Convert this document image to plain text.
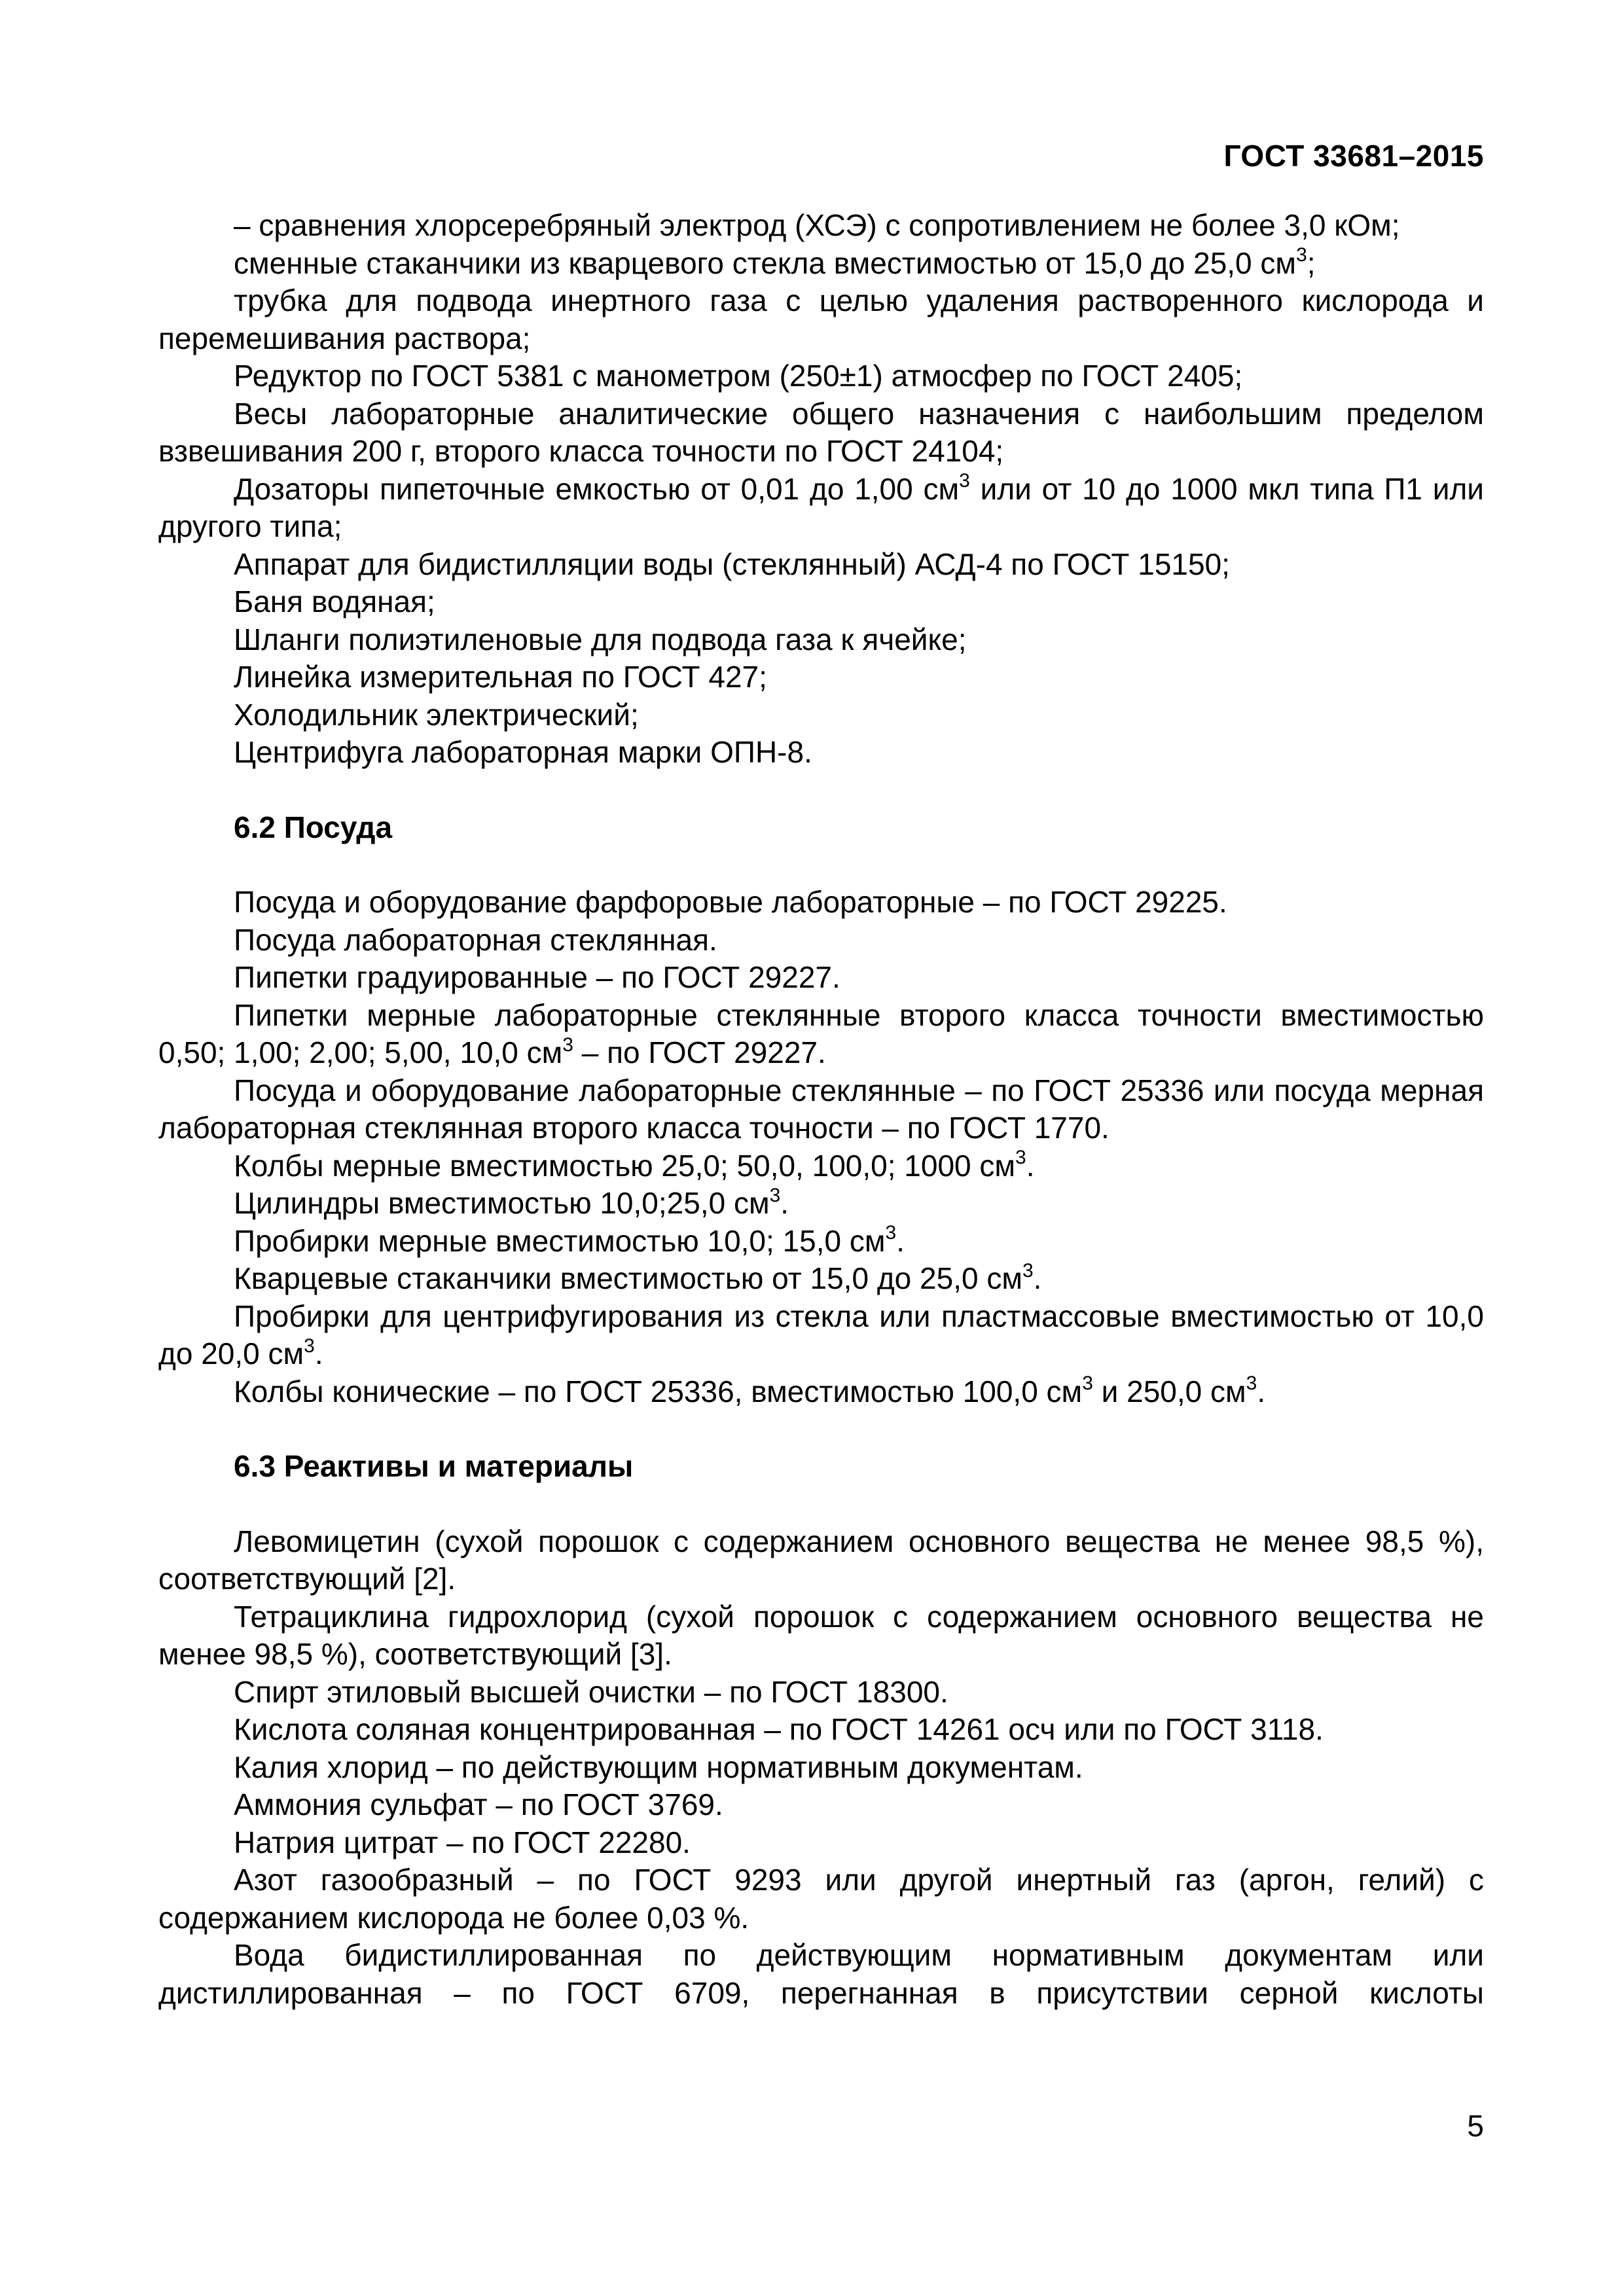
ГОСТ 33681–2015

– сравнения хлорсеребряный электрод (ХСЭ) с сопротивлением не более 3,0 кОм;

сменные стаканчики из кварцевого стекла вместимостью от 15,0 до 25,0 $см^3$;

трубка для подвода инертного газа с целью удаления растворенного кислорода и перемешивания раствора;

Редуктор по ГОСТ 5381 с манометром (250±1) атмосфер по ГОСТ 2405;

Весы лабораторные аналитические общего назначения с наибольшим пределом взвешивания 200 г, второго класса точности по ГОСТ 24104;

Дозаторы пипеточные емкостью от 0,01 до 1,00 $см^3$ или от 10 до 1000 мкл типа П1 или другого типа;

Аппарат для бидистилляции воды (стеклянный) АСД-4 по ГОСТ 15150;

Баня водяная;

Шланги полиэтиленовые для подвода газа к ячейке;

Линейка измерительная по ГОСТ 427;

Холодильник электрический;

Центрифуга лабораторная марки ОПН-8.

6.2 Посуда

Посуда и оборудование фарфоровые лабораторные – по ГОСТ 29225.

Посуда лабораторная стеклянная.

Пипетки градуированные – по ГОСТ 29227.

Пипетки мерные лабораторные стеклянные второго класса точности вместимостью 0,50; 1,00; 2,00; 5,00, 10,0 $см^3$ – по ГОСТ 29227.

Посуда и оборудование лабораторные стеклянные – по ГОСТ 25336 или посуда мерная лабораторная стеклянная второго класса точности – по ГОСТ 1770.

Колбы мерные вместимостью 25,0; 50,0, 100,0; 1000 $см^3$.

Цилиндры вместимостью 10,0;25,0 $см^3$.

Пробирки мерные вместимостью 10,0; 15,0 $см^3$.

Кварцевые стаканчики вместимостью от 15,0 до 25,0 $см^3$.

Пробирки для центрифугирования из стекла или пластмассовые вместимостью от 10,0 до 20,0 $см^3$.

Колбы конические – по ГОСТ 25336, вместимостью 100,0 $см^3$ и 250,0 $см^3$.

6.3 Реактивы и материалы

Левомицетин (сухой порошок с содержанием основного вещества не менее 98,5 %), соответствующий [2].

Тетрациклина гидрохлорид (сухой порошок с содержанием основного вещества не менее 98,5 %), соответствующий [3].

Спирт этиловый высшей очистки – по ГОСТ 18300.

Кислота соляная концентрированная – по ГОСТ 14261 осч или по ГОСТ 3118.

Калия хлорид – по действующим нормативным документам.

Аммония сульфат – по ГОСТ 3769.

Натрия цитрат – по ГОСТ 22280.

Азот газообразный – по ГОСТ 9293 или другой инертный газ (аргон, гелий) с содержанием кислорода не более 0,03 %.

Вода бидистиллированная по действующим нормативным документам или дистиллированная – по ГОСТ 6709, перегнанная в присутствии серной кислоты

5
